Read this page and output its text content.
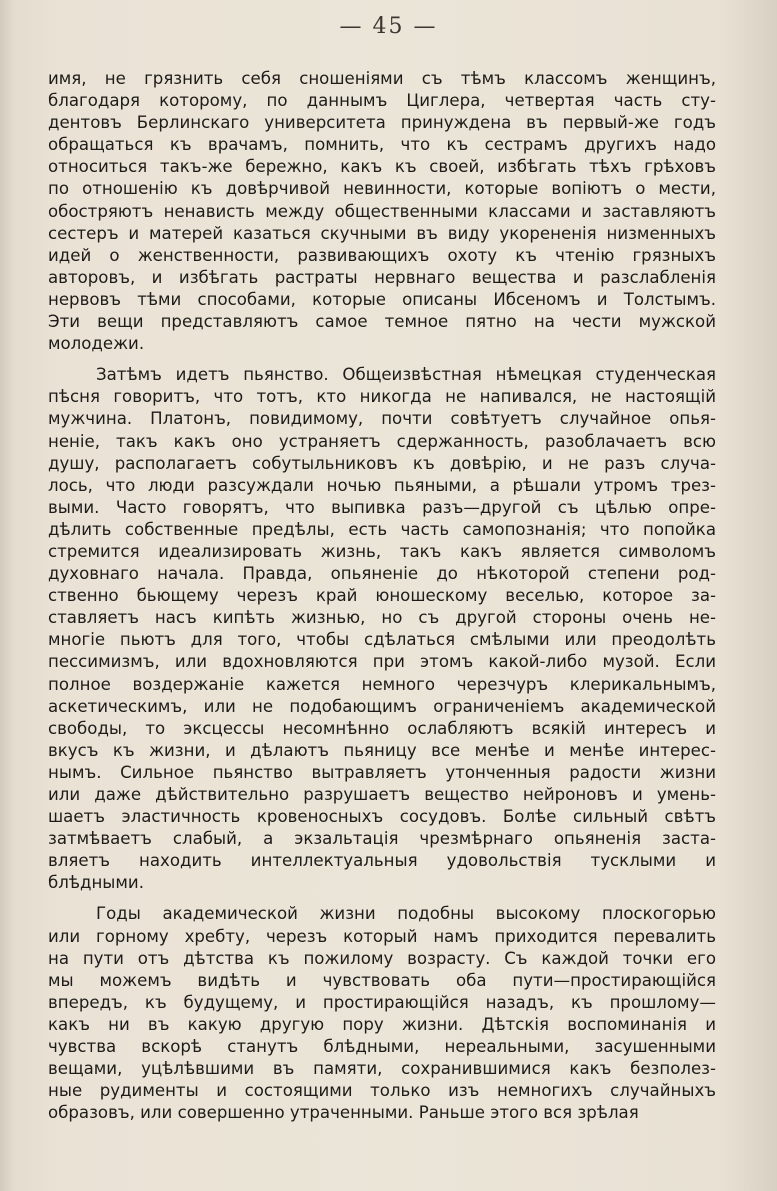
— 45 —
имя, не грязнить себя сношеніями съ тѣмъ классомъ женщинъ,
благодаря которому, по даннымъ Циглера, четвертая часть сту-
дентовъ Берлинскаго университета принуждена въ первый-же годъ
обращаться къ врачамъ, помнить, что къ сестрамъ другихъ надо
относиться такъ-же бережно, какъ къ своей, избѣгать тѣхъ грѣховъ
по отношенію къ довѣрчивой невинности, которые вопіютъ о мести,
обостряютъ ненависть между общественными классами и заставляютъ
сестеръ и матерей казаться скучными въ виду укорененія низменныхъ
идей о женственности, развивающихъ охоту къ чтенію грязныхъ
авторовъ, и избѣгать растраты нервнаго вещества и разслабленія
нервовъ тѣми способами, которые описаны Ибсеномъ и Толстымъ.
Эти вещи представляютъ самое темное пятно на чести мужской
молодежи.
Затѣмъ идетъ пьянство. Общеизвѣстная нѣмецкая студенческая
пѣсня говоритъ, что тотъ, кто никогда не напивался, не настоящій
мужчина. Платонъ, повидимому, почти совѣтуетъ случайное опья-
неніе, такъ какъ оно устраняетъ сдержанность, разоблачаетъ всю
душу, располагаетъ собутыльниковъ къ довѣрію, и не разъ случа-
лось, что люди разсуждали ночью пьяными, а рѣшали утромъ трез-
выми. Часто говорятъ, что выпивка разъ—другой съ цѣлью опре-
дѣлить собственные предѣлы, есть часть самопознанія; что попойка
стремится идеализировать жизнь, такъ какъ является символомъ
духовнаго начала. Правда, опьяненіе до нѣкоторой степени род-
ственно бьющему черезъ край юношескому веселью, которое за-
ставляетъ насъ кипѣть жизнью, но съ другой стороны очень не-
многіе пьютъ для того, чтобы сдѣлаться смѣлыми или преодолѣть
пессимизмъ, или вдохновляются при этомъ какой-либо музой. Если
полное воздержаніе кажется немного черезчуръ клерикальнымъ,
аскетическимъ, или не подобающимъ ограниченіемъ академической
свободы, то эксцессы несомнѣнно ослабляютъ всякій интересъ и
вкусъ къ жизни, и дѣлаютъ пьяницу все менѣе и менѣе интерес-
нымъ. Сильное пьянство вытравляетъ утонченныя радости жизни
или даже дѣйствительно разрушаетъ вещество нейроновъ и умень-
шаетъ эластичность кровеносныхъ сосудовъ. Болѣе сильный свѣтъ
затмѣваетъ слабый, а экзальтація чрезмѣрнаго опьяненія заста-
вляетъ находить интеллектуальныя удовольствія тусклыми и
блѣдными.
Годы академической жизни подобны высокому плоскогорью
или горному хребту, черезъ который намъ приходится перевалить
на пути отъ дѣтства къ пожилому возрасту. Съ каждой точки его
мы можемъ видѣть и чувствовать оба пути—простирающійся
впередъ, къ будущему, и простирающійся назадъ, къ прошлому—
какъ ни въ какую другую пору жизни. Дѣтскія воспоминанія и
чувства вскорѣ станутъ блѣдными, нереальными, засушенными
вещами, уцѣлѣвшими въ памяти, сохранившимися какъ безполез-
ные рудименты и состоящими только изъ немногихъ случайныхъ
образовъ, или совершенно утраченными. Раньше этого вся зрѣлая
